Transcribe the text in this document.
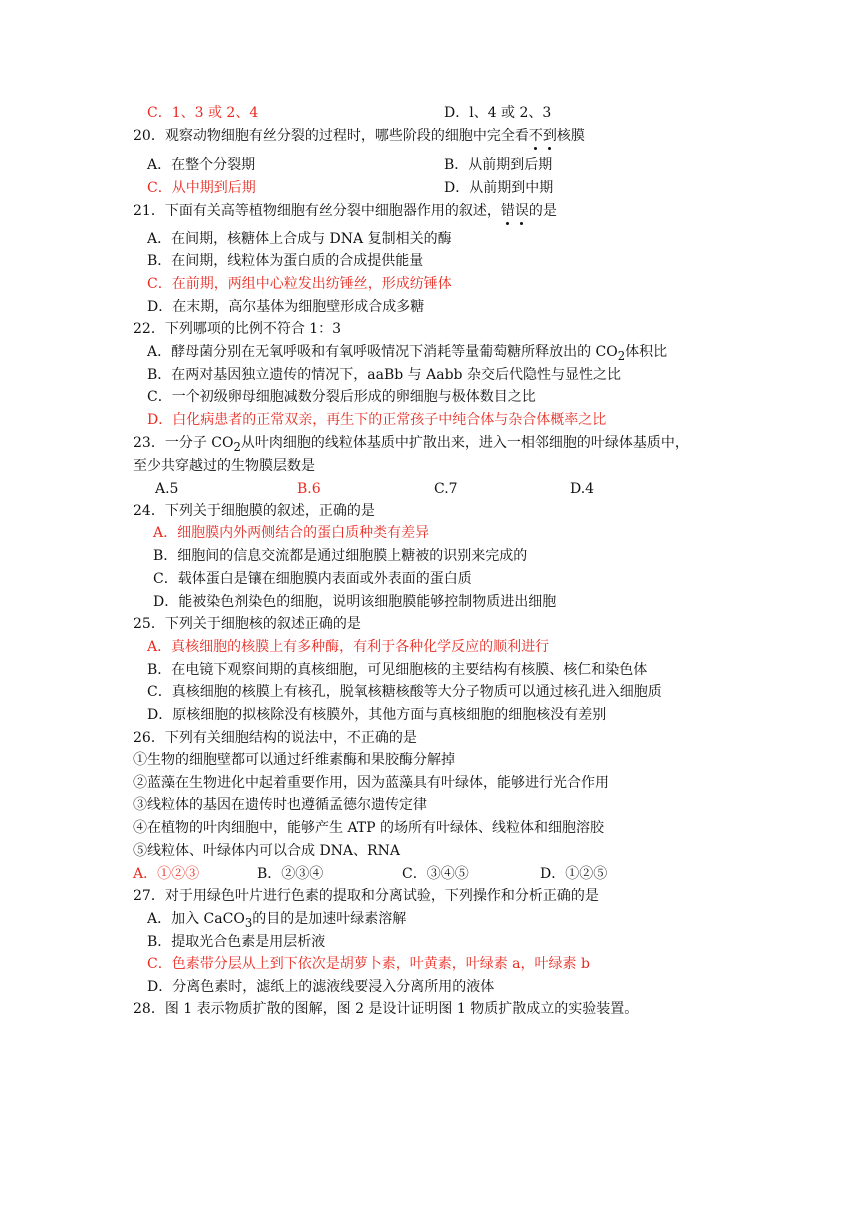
C．1、3 或 2、4	D．l、4 或 2、3
20．观察动物细胞有丝分裂的过程时，哪些阶段的细胞中完全看不到核膜
A．在整个分裂期	B．从前期到后期
C．从中期到后期	D．从前期到中期
21．下面有关高等植物细胞有丝分裂中细胞器作用的叙述，错误的是
A．在间期，核糖体上合成与 DNA 复制相关的酶
B．在间期，线粒体为蛋白质的合成提供能量
C．在前期，两组中心粒发出纺锤丝，形成纺锤体
D．在末期，高尔基体为细胞壁形成合成多糖
22．下列哪项的比例不符合 1：3
A．酵母菌分别在无氧呼吸和有氧呼吸情况下消耗等量葡萄糖所释放出的 $CO_2$体积比
B．在两对基因独立遗传的情况下，aaBb 与 Aabb 杂交后代隐性与显性之比
C．一个初级卵母细胞减数分裂后形成的卵细胞与极体数目之比
D．白化病患者的正常双亲，再生下的正常孩子中纯合体与杂合体概率之比
23．一分子 $CO_2$从叶肉细胞的线粒体基质中扩散出来，进入一相邻细胞的叶绿体基质中，
至少共穿越过的生物膜层数是
A.5	B.6	C.7	D.4
24．下列关于细胞膜的叙述，正确的是
A．细胞膜内外两侧结合的蛋白质种类有差异
B．细胞间的信息交流都是通过细胞膜上糖被的识别来完成的
C．载体蛋白是镶在细胞膜内表面或外表面的蛋白质
D．能被染色剂染色的细胞，说明该细胞膜能够控制物质进出细胞
25．下列关于细胞核的叙述正确的是
A．真核细胞的核膜上有多种酶，有利于各种化学反应的顺利进行
B．在电镜下观察间期的真核细胞，可见细胞核的主要结构有核膜、核仁和染色体
C．真核细胞的核膜上有核孔，脱氧核糖核酸等大分子物质可以通过核孔进入细胞质
D．原核细胞的拟核除没有核膜外，其他方面与真核细胞的细胞核没有差别
26．下列有关细胞结构的说法中，不正确的是
①生物的细胞壁都可以通过纤维素酶和果胶酶分解掉
②蓝藻在生物进化中起着重要作用，因为蓝藻具有叶绿体，能够进行光合作用
③线粒体的基因在遗传时也遵循孟德尔遗传定律
④在植物的叶肉细胞中，能够产生 ATP 的场所有叶绿体、线粒体和细胞溶胶
⑤线粒体、叶绿体内可以合成 DNA、RNA
A．①②③	B．②③④	C．③④⑤	D．①②⑤
27．对于用绿色叶片进行色素的提取和分离试验，下列操作和分析正确的是
A．加入 CaCO$_3$的目的是加速叶绿素溶解
B．提取光合色素是用层析液
C．色素带分层从上到下依次是胡萝卜素，叶黄素，叶绿素 a，叶绿素 b
D．分离色素时，滤纸上的滤液线要浸入分离所用的液体
28．图 1 表示物质扩散的图解，图 2 是设计证明图 1 物质扩散成立的实验装置。
